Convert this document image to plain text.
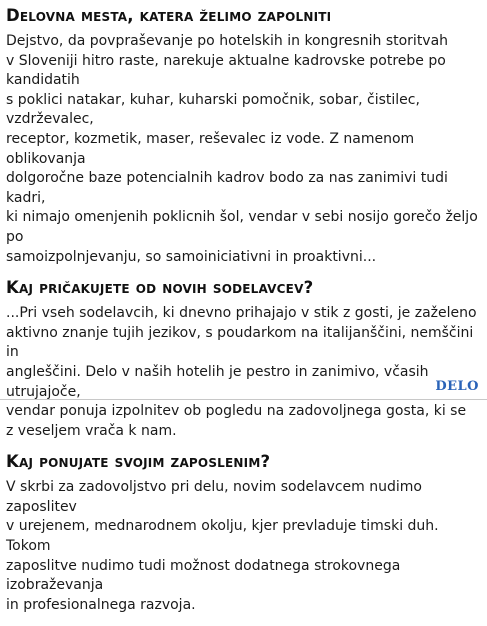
Delovna mesta, katera želimo zapolniti

Dejstvo, da povpraševanje po hotelskih in kongresnih storitvah
v Sloveniji hitro raste, narekuje aktualne kadrovske potrebe po kandidatih
s poklici natakar, kuhar, kuharski pomočnik, sobar, čistilec, vzdrževalec,
receptor, kozmetik, maser, reševalec iz vode. Z namenom oblikovanja
dolgoročne baze potencialnih kadrov bodo za nas zanimivi tudi kadri,
ki nimajo omenjenih poklicnih šol, vendar v sebi nosijo gorečo željo po
samoizpolnjevanju, so samoiniciativni in proaktivni...

Kaj pričakujete od novih sodelavcev?

...Pri vseh sodelavcih, ki dnevno prihajajo v stik z gosti, je zaželeno
aktivno znanje tujih jezikov, s poudarkom na italijanščini, nemščini in
angleščini. Delo v naših hotelih je pestro in zanimivo, včasih utrujajoče,
vendar ponuja izpolnitev ob pogledu na zadovoljnega gosta, ki se
z veseljem vrača k nam.

Kaj ponujate svojim zaposlenim?

V skrbi za zadovoljstvo pri delu, novim sodelavcem nudimo zaposlitev
v urejenem, mednarodnem okolju, kjer prevladuje timski duh. Tokom
zaposlitve nudimo tudi možnost dodatnega strokovnega izobraževanja
in profesionalnega razvoja.

DELO
